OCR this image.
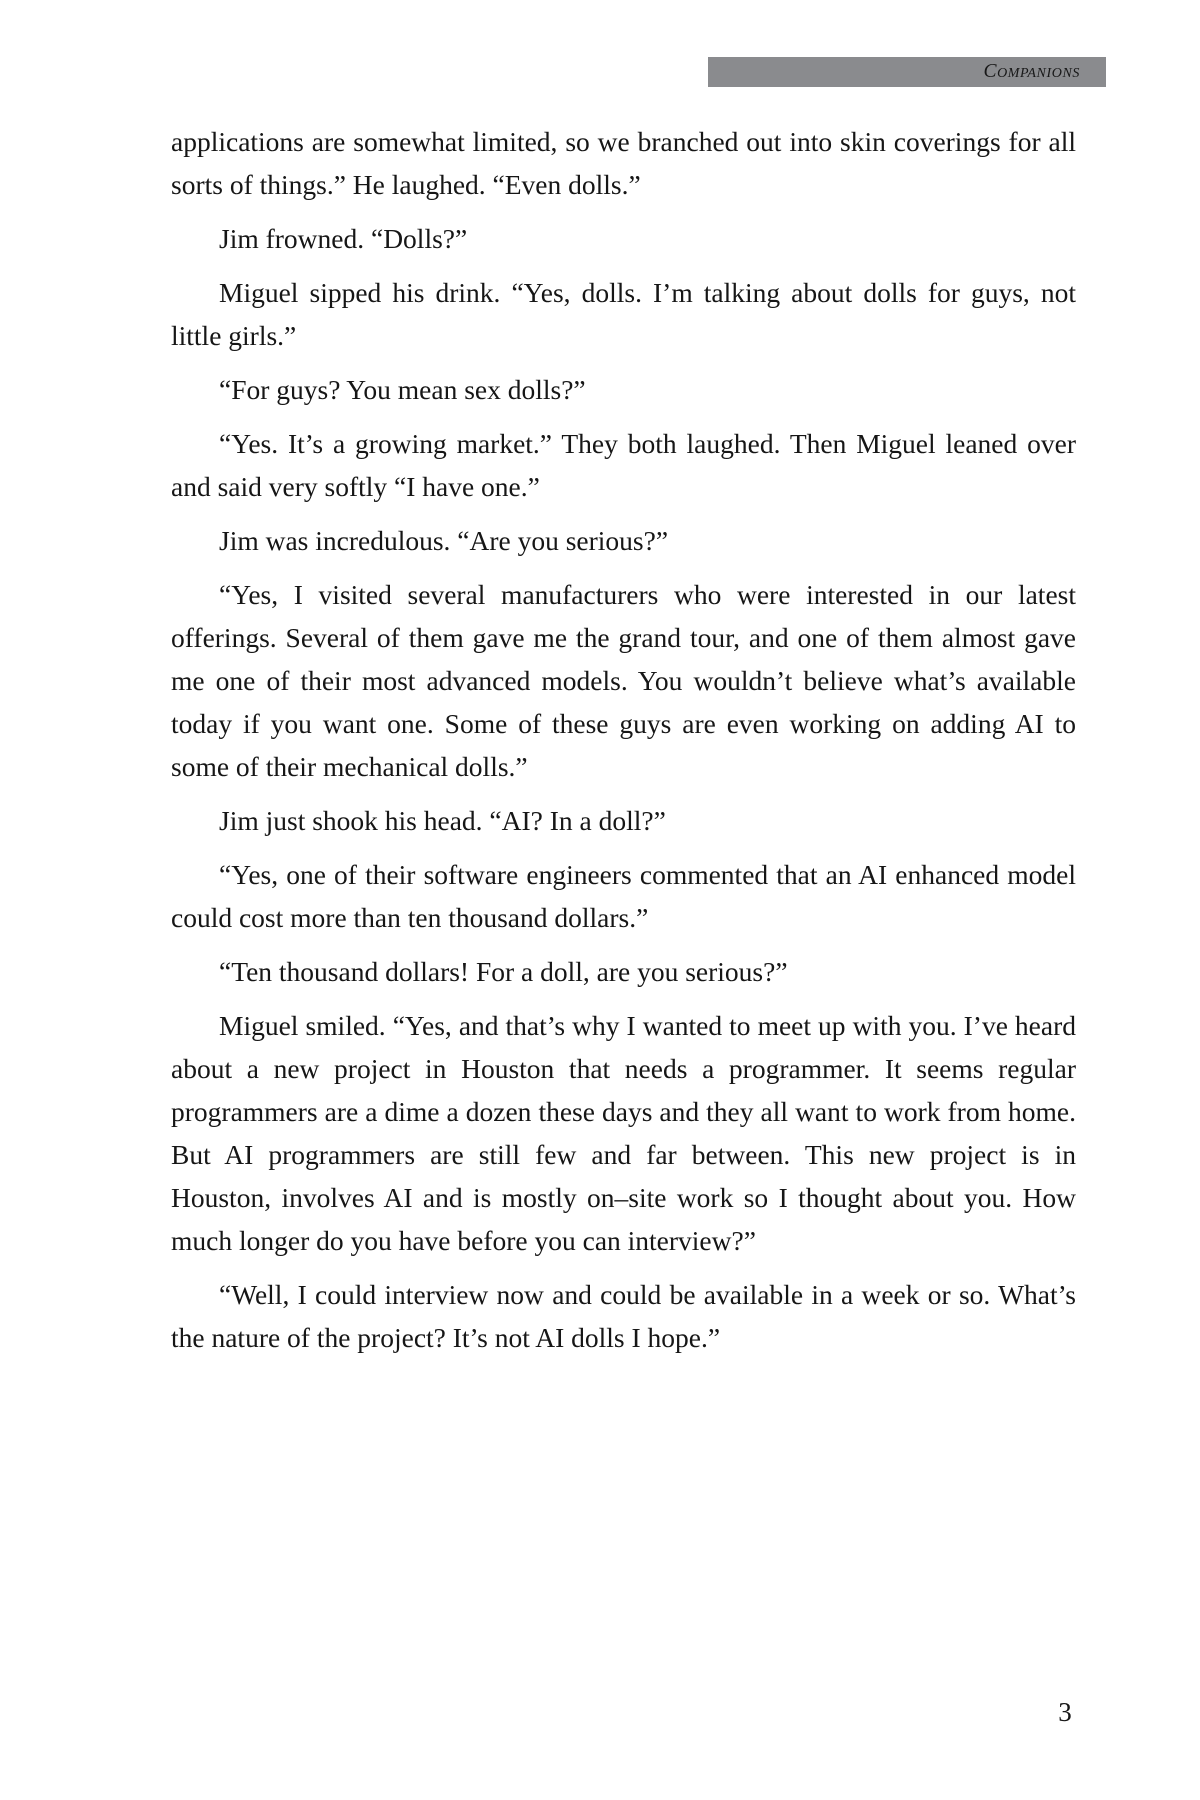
Companions

applications are somewhat limited, so we branched out into skin coverings for all sorts of things.” He laughed. “Even dolls.”

Jim frowned. “Dolls?”

Miguel sipped his drink. “Yes, dolls. I’m talking about dolls for guys, not little girls.”

“For guys? You mean sex dolls?”

“Yes. It’s a growing market.” They both laughed. Then Miguel leaned over and said very softly “I have one.”

Jim was incredulous. “Are you serious?”

“Yes, I visited several manufacturers who were interested in our latest offerings. Several of them gave me the grand tour, and one of them almost gave me one of their most advanced models. You wouldn’t believe what’s available today if you want one. Some of these guys are even working on adding AI to some of their mechanical dolls.”

Jim just shook his head. “AI? In a doll?”

“Yes, one of their software engineers commented that an AI enhanced model could cost more than ten thousand dollars.”

“Ten thousand dollars! For a doll, are you serious?”

Miguel smiled. “Yes, and that’s why I wanted to meet up with you. I’ve heard about a new project in Houston that needs a programmer. It seems regular programmers are a dime a dozen these days and they all want to work from home. But AI programmers are still few and far between. This new project is in Houston, involves AI and is mostly on–site work so I thought about you. How much longer do you have before you can interview?”

“Well, I could interview now and could be available in a week or so. What’s the nature of the project? It’s not AI dolls I hope.”

3
